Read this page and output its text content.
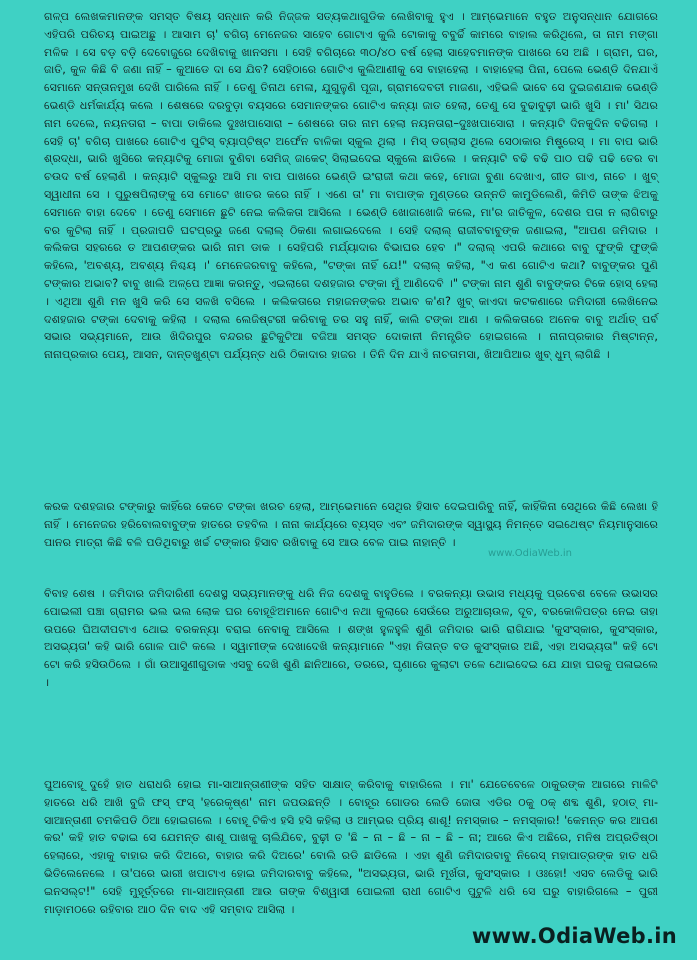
ଗଳ୍ପ ଲେଖକମାନଙ୍କ ସମସ୍ତ ବିଷୟ ସନ୍ଧାନ କରି ନିଜ୍ଜକ ସତ୍ୟକଥାଗୁଡିକ ଲେଖିବାକୁ ହୁଏ । ଆମ୍ଭେମାନେ ବହୁତ ଅନୁସନ୍ଧାନ ଯୋଗରେ ଏହିପରି ପରିଚୟ ପାଇଅଛୁ । ଆସାମ ଚା' ବଗିଚା ମେନେଜର ସାହେବ ଗୋଟାଏ କୁଲି ଟୋକାକୁ ବବୁର୍ଚ୍ଚି କାମରେ ବାହାଲ କରିଥିଲେ, ତା ନାମ ମଙ୍ଗା ମଳିକ । ସେ ବଡ଼ ବଡ଼ି ଦେବୋଜୁରେ ଦେଖିବାକୁ ଖାନସମା । ସେହି ବଗିଚାରେ ୩୦/୪୦ ବର୍ଷ ହେଲା ସାହେବମାନଙ୍କ ପାଖରେ ସେ ଅଛି । ଗ୍ରାମ, ଘର, ଜାତି, କୁଳ କିଛି ବି ଜଣା ନାହିଁ – କୁଆଡେ ଦା ସେ ଯିବ? ସେହିଠାରେ ଗୋଟିଏ କୁଲିଆଣୀକୁ ସେ ବାହାହେଲା । ବାହାହେଲା ପିନା, ପେଲେ ଭେଣ୍ଡି ଦିନଯାଏଁ ସେମାନେ ସନ୍ତାନମୁଖ ଦେଖି ପାରିଲେ ନାହିଁ । ତେଣୁ ତିନାଥ ମେଳା, ଯୁଗୁଳୁଣି ପୂଜା, ଗ୍ରାମଦେବତୀ ମାଜଣା, ଏହିଭଳି ଭାବେ ସେ ଦୁଇଜଣଯାକ ଭେଣ୍ଡି ଭେଣ୍ଡି ଧର୍ମକାର୍ଯ୍ୟ କଲେ । ଶେଷରେ ଦରବୁଡ଼ା ବୟସରେ ସେମାନଙ୍କର ଗୋଟିଏ କନ୍ୟା ଜାତ ହେଲା, ତେଣୁ ସେ ବୁଢାବୁଢ଼ୀ ଭାରି ଖୁସି । ମା' ସିଥର ନାମ ଦେଲେ, ନୟନତାରା – ବାପା ଡାକିଲେ ଦୁଃଖପାସୋରା – ଶେଷରେ ତାର ନାମ ହେଲା ନୟନତାରା–ଦୁଃଖପାସୋରା । କନ୍ୟାଟି ଦିନକୁଦିନ ବଢିଗଲା । ସେହି ଚା' ବଗିଚା ପାଖରେ ଗୋଟିଏ ପୁଟିସ୍ ବ୍ୟାପ୍ଟିଷ୍ଟ ଅର୍ଫେନ ବାଳିକା ସ୍କୁଲ ଥିଲା । ମିସ୍ ଡଗ୍ଲାସ ଥିଲେ ସେଠାକାର ମିଷ୍ଟ୍ରେସ୍ । ମା ବାପ ଭାରି ଶ୍ରଦ୍ଧା, ଭାରି ଖୁସିରେ କନ୍ୟାଟିକୁ ମୋଜା ବୁଣିବା ସେମିଜ୍ ଜାକେଟ୍ ସିଲାଇଦେଇ ସ୍କୁଲେ ଛାଡିଲେ । କନ୍ୟାଟି ବଢି ବଢି ପାଠ ପଢି ପଢି ତେର ବା ଚଉଦ ବର୍ଷ ହେଲାଣି । କନ୍ୟାଟି ସ୍କୁଲରୁ ଆସି ମା ବାପ ପାଖରେ ଭେଣ୍ଡି ଇଂରାଜୀ କଥା କହେ, ମୋଜା ବୁଣା ଦେଖାଏ, ଗୀତ ଗାଏ, ନାଚେ । ଖୁବ୍ ସ୍ୱାଧୀନା ସେ । ପୁରୁଷପିଲାଙ୍କୁ ସେ ମୋଟେ ଖାତର କରେ ନାହିଁ । ଏଣେ ତା' ମା ବାପାଙ୍କ ମୁଣ୍ଡରେ ଉନ୍ନତି କାମୁଡିଲେଣି, କିମିତି ତାଙ୍କ ଝିଅକୁ ସେମାନେ ବାହା ଦେବେ । ତେଣୁ ସେମାନେ ଛୁଟି ନେଇ କଲିକତା ଆସିଲେ । ଭେଣ୍ଡି ଖୋଜାଖୋଜି କଲେ, ମା'ର ଜାତିକୁଳ, ଦେଶର ପତା ନ ଲାଗିବାରୁ ବର କୁଟିଲା ନାହିଁ । ପ୍ରଜାପତି ଘଟପ୍ରଭୁ ଜଣେ ଦଲାଲ୍ ଠିକଣା ଲଗାଇଦେଲେ । ସେହି ଦଲାଲ୍ ରାଜୀବବାବୁଙ୍କ ଜଣାଇଲା, "ଆପଣ ଜମିଦାର । କଲିକତା ସହରରେ ତ ଆପଣଙ୍କର ଭାରି ନାମ ଡାକ । ସେହିପରି ମର୍ଯ୍ୟାଦାର ବିଭାଘର ହେବ ।" ଦଲାଲ୍ ଏପରି କଥାରେ ବାବୁ ଫୁଙ୍କି ଫୁଙ୍କି କହିଲେ, 'ଅବଶ୍ୟ, ଅବଶ୍ୟ ନିଶ୍ଚୟ ।' ମେନେଜରବାବୁ କହିଲେ, "ଟଙ୍କା ନାହିଁ ଯେ!" ଦଲାଲ୍ କହିଲା, "ଏ କଣ ଗୋଟିଏ କଥା? ବାବୁଙ୍କର ପୁଣି ଟଙ୍କାର ଅଭାବ? ବାବୁ ଖାଲି ଅଳ୍ପେ ଆଜ୍ଞା କରନ୍ତୁ, ଏଇଲାଗେ ଦଶହଜାର ଟଙ୍କା ମୁଁ ଆଣିଦେବି ।" ଟଙ୍କା ନାମ ଶୁଣି ବାବୁଙ୍କର ଟିକେ ହୋସ୍ ହେଲା । ଏଥିଆ ଶୁଣି ମନ ଖୁସି କରି ସେ ସଳଖି ବସିଲେ । କଲିକତାରେ ମହାଜନଙ୍କର ଅଭାବ କ'ଣ? ଖୁବ୍ କାଏଦା କଟକଣାରେ ଜମିଦାରୀ ଲେଖିନେଇ ଦଶହଜାର ଟଙ୍କା ଦେବାକୁ କହିଲା । ଦଲାଲ ଲେଜିଷ୍ଟରୀ କରିବାକୁ ତର ସହୁ ନାହିଁ, କାଲି ଟଙ୍କା ଆଣ । କଲିକତାରେ ଅନେକ ବାବୁ ଅର୍ଥାତ୍ ପର୍ବ ସଭାର ସଭ୍ୟମାନେ, ଆଉ ଖିଦିରପୁର ବନ୍ଦରର ଛୁଟିକୁଟିଆ ବଜିଆ ସମସ୍ତ ଦୋକାନୀ ନିମନ୍ତ୍ରିତ ହୋଇଗଲେ । ନାନାପ୍ରକାର ମିଷ୍ଟାନ୍ନ, ନାନାପ୍ରକାର ପେୟ, ଆସନ, ଦାନ୍ତଖୁଣ୍ଟା ପର୍ଯ୍ୟନ୍ତ ଧରି ଠିକାଦାର ହାଜର । ତିନି ଦିନ ଯାଏଁ ନାଚତାମସା, ଖିଆପିଆର ଖୁବ୍ ଧୁମ୍ ଲାଗିଛି ।

କରକ ଦଶହଜାର ଟଙ୍କାରୁ କାହିଁରେ କେତେ ଟଙ୍କା ଖରଚ ହେଲା, ଆମ୍ଭେମାନେ ସେଥିର ହିସାବ ଦେଇପାରିବୁ ନାହିଁ, କାହିଁକିନା ସେଥିରେ କିଛି ଲେଖା ହି ନାହିଁ । ମେନେଜର ହରିବୋଲବାବୁଙ୍କ ହାତରେ ତହବିଲ । ନାନା କାର୍ଯ୍ୟରେ ବ୍ୟସ୍ତ ଏବଂ ଜମିଦାରଙ୍କ ସ୍ୱାସ୍ଥ୍ୟ ନିମନ୍ତେ ସଇଥେଷ୍ଟ ନିୟମାନୁସାରେ ପାନର ମାତ୍ରା କିଛି ବଳି ପଡିଥିବାରୁ ଖର୍ଚ୍ଚ ଟଙ୍କାର ହିସାବ ରଖିବାକୁ ସେ ଆଉ ବେଳ ପାଇ ନାହାନ୍ତି ।

www.OdiaWeb.in

ବିବାହ ଶେଷ । ଜମିଦାର ଜମିଦାରିଣୀ ଦେଶସ୍ଥ ସଭ୍ୟମାନଙ୍କୁ ଧରି ନିଜ ଦେଶକୁ ବାହୁଡିଲେ । ବରକନ୍ୟା ଉଭାସ ମଧ୍ୟକୁ ପ୍ରବେଶ ବେଳେ ଉଭାସର ପୋଇଲୀ ପଞ୍ଚା ଗ୍ରାମର ଭଲ ଭଲ ଲୋକ ଘର ବୋହୂଝିଅମାନେ ଗୋଟିଏ ନଥା କୁଲାରେ ସେଉଁରେ ଅରୁଆଚାଉଳ, ଦୂବ, ବରକୋଳିପତ୍ର ନେଇ ତାହା ଉପରେ ଘିଅଦୀପଟାଏ ଥୋଇ ବରକନ୍ୟା ବରାଇ ନେବାକୁ ଆସିଲେ । ଶଙ୍ଖ ହୁଳହୁଳି ଶୁଣି ଜମିଦାର ଭାରି ରାଗିଯାଇ 'କୁସଂସ୍କାର, କୁସଂସ୍କାର, ଅସଭ୍ୟତା' କହି ଭାରି ଗୋଳ ପାଟି କଲେ । ସ୍ୱାମୀଙ୍କ ଦେଖାଦେଖି କନ୍ୟାମାନେ "ଏହା ନିତାନ୍ତ ବଡ କୁସଂସ୍କାର ଅଛି, ଏହା ଅସଭ୍ୟତା" କହି ଟୋ ଟୋ କରି ହସିଉଠିଲେ । ଗାଁ ଉଆସୁଣୀଗୁଡାକ ଏସବୁ ଦେଖି ଶୁଣି ଛାନିଆରେ, ଡରରେ, ଘୃଣାରେ କୁଲାଟା ତଳେ ଥୋଇଦେଇ ଯେ ଯାହା ଘରକୁ ପଳାଇଲେ ।

ପୁଅବୋହୂ ଦୁହେଁ ହାତ ଧରାଧରି ହୋଇ ମା-ସାଆନ୍ତାଣୀଙ୍କ ସହିତ ସାକ୍ଷାତ୍ କରିବାକୁ ବାହାରିଲେ । ମା' ଯେତେବେଳେ ଠାକୁରଙ୍କ ଆଗରେ ମାଳିଟି ହାତରେ ଧରି ଆଖି ବୁଜି ଫସ୍ ଫସ୍ 'ହରେକୃଷ୍ଣ' ନାମ ଜପଉଛନ୍ତି । ବୋହୂର ଗୋଡର ଲେଡି ଜୋତା ଏଡିର ଠକୁ ଠକ୍ ଶବ୍ଦ ଶୁଣି, ହଠାତ୍ ମା-ସାଆନ୍ତାଣୀ ଚମକିପଡି ଠିଆ ହୋଇଗଲେ । ବୋହୂ ଟିକିଏ ହସି ହସି କହିଲା ଓ ଆମ୍ଭର ପ୍ରିୟ ଶାଶୂ! ନମସ୍କାର – ନମସ୍କାର! 'କେମନ୍ତ କର ଆପଣ କର' କହି ହାତ ବଢାଇ ସେ ଯେମନ୍ତ ଶାଶୂ ପାଖକୁ ଚାଲିଯିବେ, ବୁଢ଼ୀ ତ 'ଛି – ନା – ଛି – ନା – ଛି – ନା; ଆରେ କିଏ ଅଛିରେ, ମନିଷ ଅପ୍ରତିଷ୍ଠା ହେଲାରେ, ଏହାକୁ ବାହାର କରି ଦିଅରେ, ବାହାର କରି ଦିଅରେ' ବୋଲି ରଡି ଛାଡିଲେ । ଏହା ଶୁଣି ଜମିଦାରବାବୁ ନିରେସ୍ ମହାପାତ୍ରଙ୍କ ହାତ ଧରି ଭିତିଲେନେଲେ । ତା'ପରେ ଭାରୀ ଖପାଟାଏ ହୋଇ ଜମିଦାରବାବୁ କହିଲେ, "ଅସଭ୍ୟତା, ଭାରି ମୂର୍ଖତା, କୁସଂସ୍କାର । ଓଃହୋ! ଏସବ ଲେଡିକୁ ଭାରି ଇନସଲ୍ଟ!" ସେହି ମୁହୂର୍ତ୍ତରେ ମା-ସାଆନ୍ତାଣୀ ଆଉ ତାଙ୍କ ବିଶ୍ୱାସୀ ପୋଇଲୀ ରାଧୀ ଗୋଟିଏ ପୁଟୁଳି ଧରି ସେ ଘରୁ ବାହାରିଗଲେ – ପୁରୀ ମାଡ଼ାମଠରେ ରହିବାର ଆଠ ଦିନ ବାଦ ଏହି ସମ୍ବାଦ ଆସିଲା ।

www.OdiaWeb.in
